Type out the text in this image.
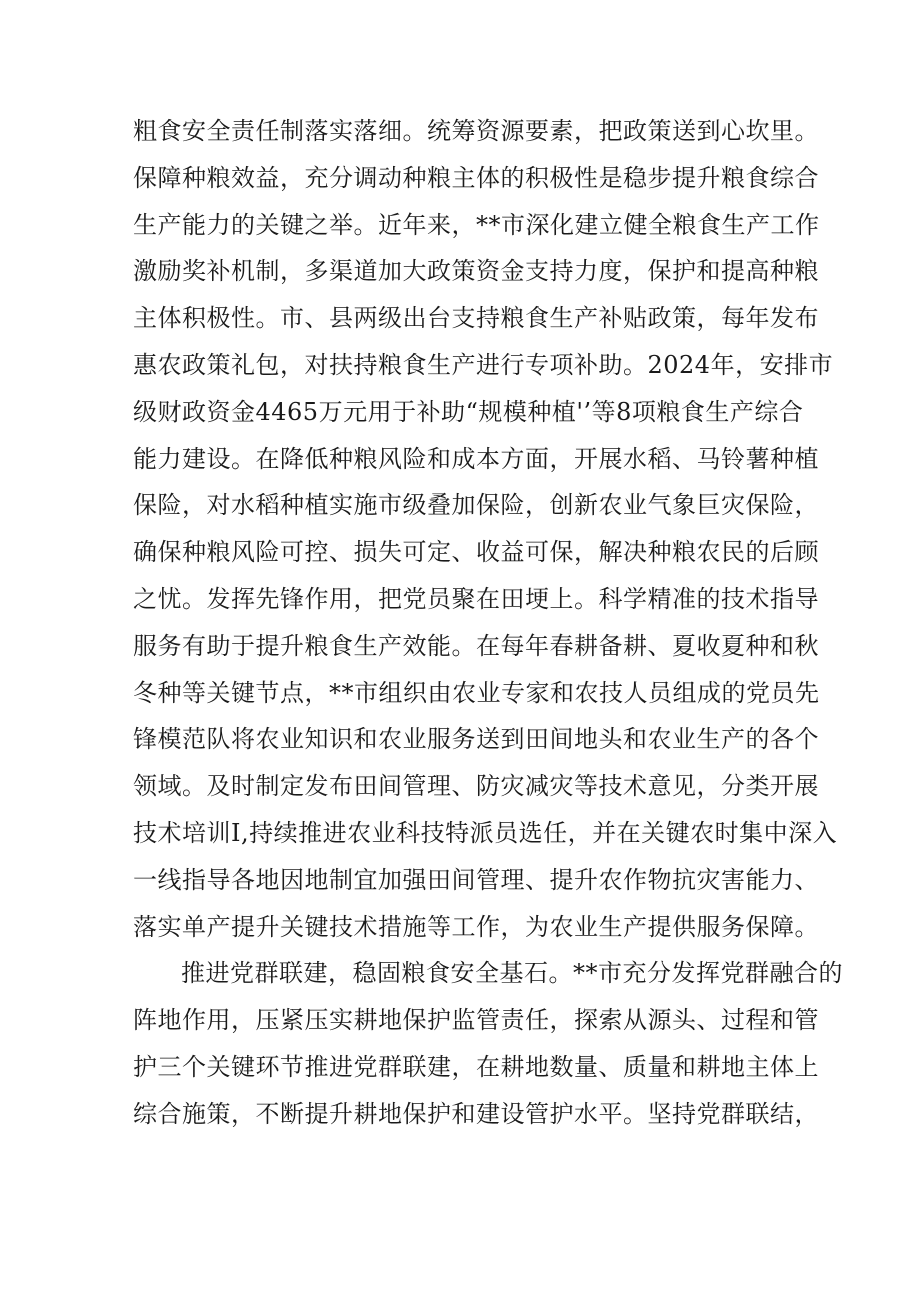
粗食安全责任制落实落细。统筹资源要素，把政策送到心坎里。
保障种粮效益，充分调动种粮主体的积极性是稳步提升粮食综合
生产能力的关键之举。近年来，**市深化建立健全粮食生产工作
激励奖补机制，多渠道加大政策资金支持力度，保护和提高种粮
主体积极性。市、县两级出台支持粮食生产补贴政策，每年发布
惠农政策礼包，对扶持粮食生产进行专项补助。2024年，安排市
级财政资金4465万元用于补助“规模种植'’等8项粮食生产综合
能力建设。在降低种粮风险和成本方面，开展水稻、马铃薯种植
保险，对水稻种植实施市级叠加保险，创新农业气象巨灾保险，
确保种粮风险可控、损失可定、收益可保，解决种粮农民的后顾
之忧。发挥先锋作用，把党员聚在田埂上。科学精准的技术指导
服务有助于提升粮食生产效能。在每年春耕备耕、夏收夏种和秋
冬种等关键节点，**市组织由农业专家和农技人员组成的党员先
锋模范队将农业知识和农业服务送到田间地头和农业生产的各个
领域。及时制定发布田间管理、防灾减灾等技术意见，分类开展
技术培训I,持续推进农业科技特派员选任，并在关键农时集中深入
一线指导各地因地制宜加强田间管理、提升农作物抗灾害能力、
落实单产提升关键技术措施等工作，为农业生产提供服务保障。
推进党群联建，稳固粮食安全基石。**市充分发挥党群融合的
阵地作用，压紧压实耕地保护监管责任，探索从源头、过程和管
护三个关键环节推进党群联建，在耕地数量、质量和耕地主体上
综合施策，不断提升耕地保护和建设管护水平。坚持党群联结，
